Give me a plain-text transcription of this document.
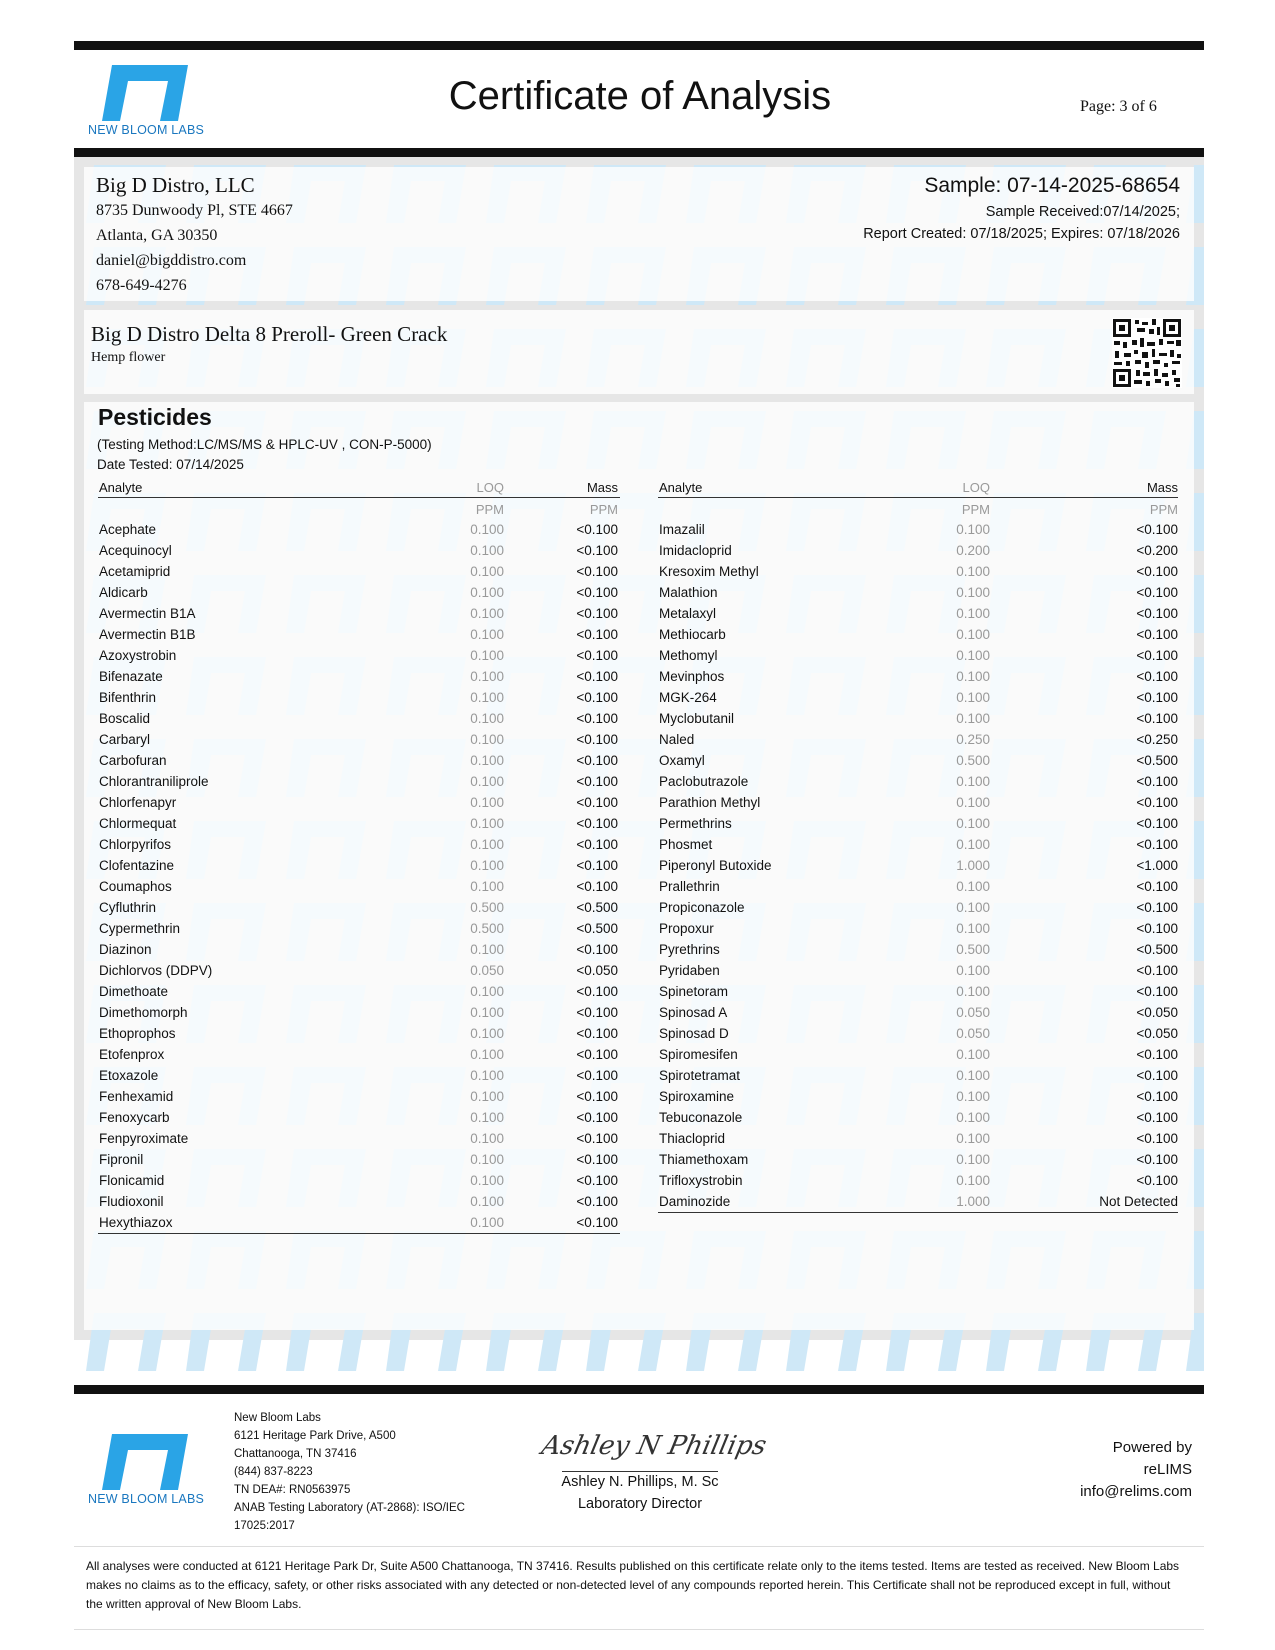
NEW BLOOM LABS
Certificate of Analysis	Page: 3 of 6
Big D Distro, LLC
8735 Dunwoody Pl, STE 4667
Atlanta, GA 30350
daniel@bigddistro.com
678-649-4276
Sample: 07-14-2025-68654
Sample Received:07/14/2025;
Report Created: 07/18/2025; Expires: 07/18/2026
Big D Distro Delta 8 Preroll- Green Crack
Hemp flower
Pesticides
(Testing Method:LC/MS/MS & HPLC-UV , CON-P-5000)
Date Tested: 07/14/2025
Analyte	LOQ	Mass
PPM	PPM
Acephate	0.100	<0.100
Acequinocyl	0.100	<0.100
Acetamiprid	0.100	<0.100
Aldicarb	0.100	<0.100
Avermectin B1A	0.100	<0.100
Avermectin B1B	0.100	<0.100
Azoxystrobin	0.100	<0.100
Bifenazate	0.100	<0.100
Bifenthrin	0.100	<0.100
Boscalid	0.100	<0.100
Carbaryl	0.100	<0.100
Carbofuran	0.100	<0.100
Chlorantraniliprole	0.100	<0.100
Chlorfenapyr	0.100	<0.100
Chlormequat	0.100	<0.100
Chlorpyrifos	0.100	<0.100
Clofentazine	0.100	<0.100
Coumaphos	0.100	<0.100
Cyfluthrin	0.500	<0.500
Cypermethrin	0.500	<0.500
Diazinon	0.100	<0.100
Dichlorvos (DDPV)	0.050	<0.050
Dimethoate	0.100	<0.100
Dimethomorph	0.100	<0.100
Ethoprophos	0.100	<0.100
Etofenprox	0.100	<0.100
Etoxazole	0.100	<0.100
Fenhexamid	0.100	<0.100
Fenoxycarb	0.100	<0.100
Fenpyroximate	0.100	<0.100
Fipronil	0.100	<0.100
Flonicamid	0.100	<0.100
Fludioxonil	0.100	<0.100
Hexythiazox	0.100	<0.100
Analyte	LOQ	Mass
PPM	PPM
Imazalil	0.100	<0.100
Imidacloprid	0.200	<0.200
Kresoxim Methyl	0.100	<0.100
Malathion	0.100	<0.100
Metalaxyl	0.100	<0.100
Methiocarb	0.100	<0.100
Methomyl	0.100	<0.100
Mevinphos	0.100	<0.100
MGK-264	0.100	<0.100
Myclobutanil	0.100	<0.100
Naled	0.250	<0.250
Oxamyl	0.500	<0.500
Paclobutrazole	0.100	<0.100
Parathion Methyl	0.100	<0.100
Permethrins	0.100	<0.100
Phosmet	0.100	<0.100
Piperonyl Butoxide	1.000	<1.000
Prallethrin	0.100	<0.100
Propiconazole	0.100	<0.100
Propoxur	0.100	<0.100
Pyrethrins	0.500	<0.500
Pyridaben	0.100	<0.100
Spinetoram	0.100	<0.100
Spinosad A	0.050	<0.050
Spinosad D	0.050	<0.050
Spiromesifen	0.100	<0.100
Spirotetramat	0.100	<0.100
Spiroxamine	0.100	<0.100
Tebuconazole	0.100	<0.100
Thiacloprid	0.100	<0.100
Thiamethoxam	0.100	<0.100
Trifloxystrobin	0.100	<0.100
Daminozide	1.000	Not Detected
NEW BLOOM LABS
New Bloom Labs
6121 Heritage Park Drive, A500
Chattanooga, TN 37416
(844) 837-8223
TN DEA#: RN0563975
ANAB Testing Laboratory (AT-2868): ISO/IEC
17025:2017
Ashley N Phillips
Ashley N. Phillips, M. Sc
Laboratory Director
Powered by
reLIMS
info@relims.com
All analyses were conducted at 6121 Heritage Park Dr, Suite A500 Chattanooga, TN 37416. Results published on this certificate relate only to the items tested. Items are tested as received. New Bloom Labs makes no claims as to the efficacy, safety, or other risks associated with any detected or non-detected level of any compounds reported herein. This Certificate shall not be reproduced except in full, without the written approval of New Bloom Labs.
